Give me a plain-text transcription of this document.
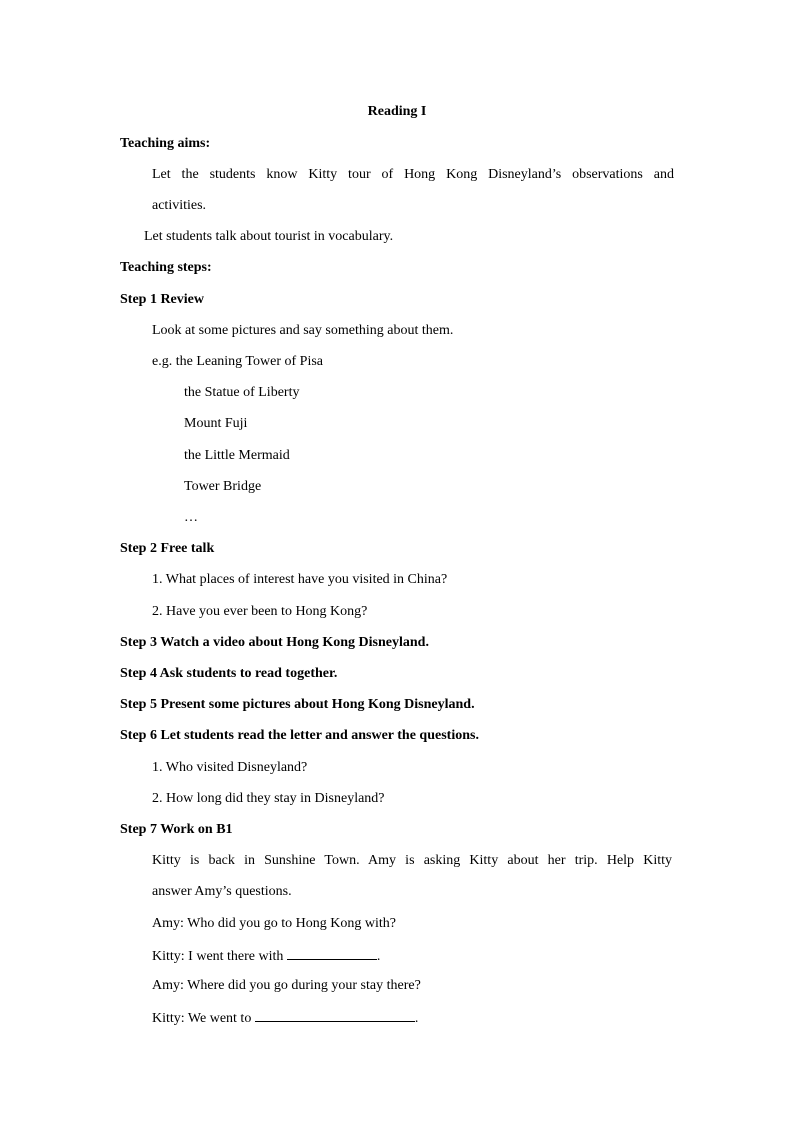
Reading I
Teaching aims:
Let the students know Kitty tour of Hong Kong Disneyland’s observations and
activities.
Let students talk about tourist in vocabulary.
Teaching steps:
Step 1 Review
Look at some pictures and say something about them.
e.g. the Leaning Tower of Pisa
the Statue of Liberty
Mount Fuji
the Little Mermaid
Tower Bridge
…
Step 2 Free talk
1. What places of interest have you visited in China?
2. Have you ever been to Hong Kong?
Step 3 Watch a video about Hong Kong Disneyland.
Step 4 Ask students to read together.
Step 5 Present some pictures about Hong Kong Disneyland.
Step 6 Let students read the letter and answer the questions.
1. Who visited Disneyland?
2. How long did they stay in Disneyland?
Step 7 Work on B1
Kitty is back in Sunshine Town. Amy is asking Kitty about her trip. Help Kitty
answer Amy’s questions.
Amy: Who did you go to Hong Kong with?
Kitty: I went there with	.
Amy: Where did you go during your stay there?
Kitty: We went to	.
